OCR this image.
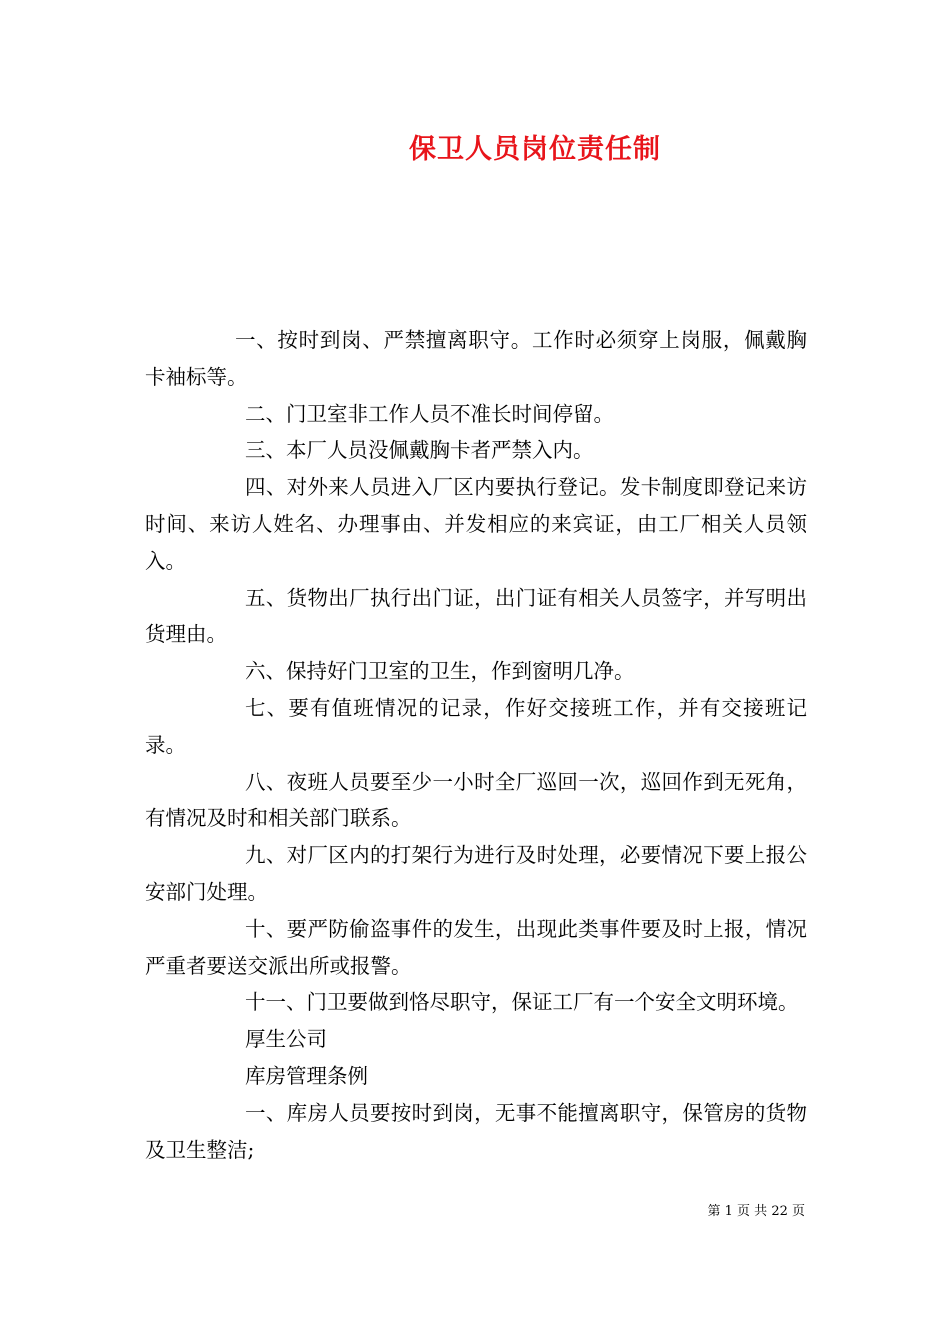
保卫人员岗位责任制

一、按时到岗、严禁擅离职守。工作时必须穿上岗服，佩戴胸卡袖标等。

二、门卫室非工作人员不准长时间停留。

三、本厂人员没佩戴胸卡者严禁入内。

四、对外来人员进入厂区内要执行登记。发卡制度即登记来访时间、来访人姓名、办理事由、并发相应的来宾证，由工厂相关人员领入。

五、货物出厂执行出门证，出门证有相关人员签字，并写明出货理由。

六、保持好门卫室的卫生，作到窗明几净。

七、要有值班情况的记录，作好交接班工作，并有交接班记录。

八、夜班人员要至少一小时全厂巡回一次，巡回作到无死角，有情况及时和相关部门联系。

九、对厂区内的打架行为进行及时处理，必要情况下要上报公安部门处理。

十、要严防偷盗事件的发生，出现此类事件要及时上报，情况严重者要送交派出所或报警。

十一、门卫要做到恪尽职守，保证工厂有一个安全文明环境。

厚生公司

库房管理条例

一、库房人员要按时到岗，无事不能擅离职守，保管房的货物及卫生整洁;

第 1 页 共 22 页
